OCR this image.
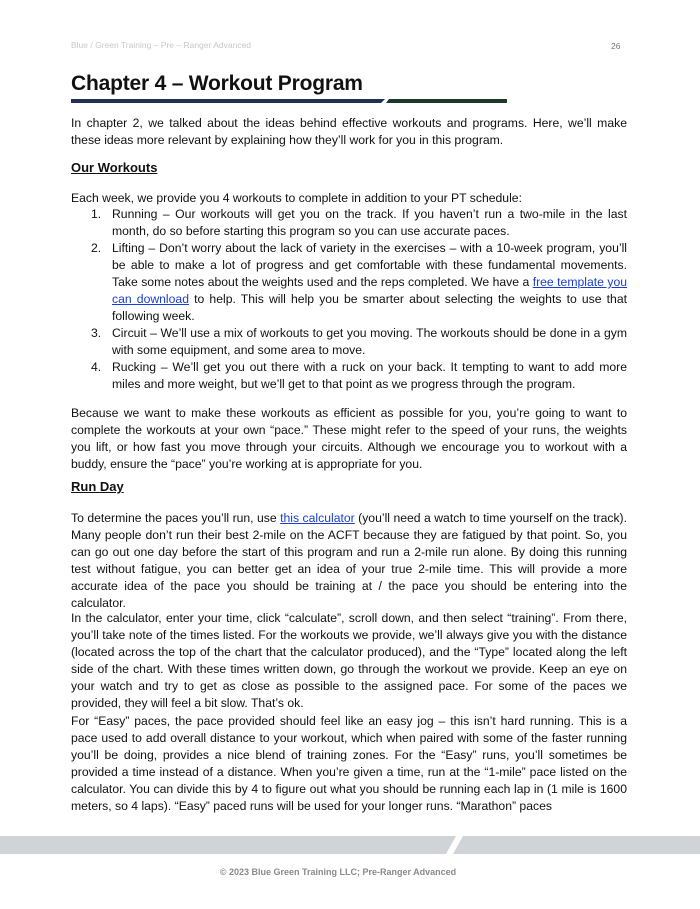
Blue / Green Training – Pre – Ranger Advanced	26
Chapter 4 – Workout Program

In chapter 2, we talked about the ideas behind effective workouts and programs. Here, we’ll make these ideas more relevant by explaining how they’ll work for you in this program.

Our Workouts

Each week, we provide you 4 workouts to complete in addition to your PT schedule:

1. Running – Our workouts will get you on the track. If you haven’t run a two-mile in the last month, do so before starting this program so you can use accurate paces.
2. Lifting – Don’t worry about the lack of variety in the exercises – with a 10-week program, you’ll be able to make a lot of progress and get comfortable with these fundamental movements. Take some notes about the weights used and the reps completed. We have a free template you can download to help. This will help you be smarter about selecting the weights to use that following week.
3. Circuit – We’ll use a mix of workouts to get you moving. The workouts should be done in a gym with some equipment, and some area to move.
4. Rucking – We’ll get you out there with a ruck on your back. It tempting to want to add more miles and more weight, but we’ll get to that point as we progress through the program.

Because we want to make these workouts as efficient as possible for you, you’re going to want to complete the workouts at your own “pace.” These might refer to the speed of your runs, the weights you lift, or how fast you move through your circuits. Although we encourage you to workout with a buddy, ensure the “pace” you’re working at is appropriate for you.

Run Day

To determine the paces you’ll run, use this calculator (you’ll need a watch to time yourself on the track). Many people don’t run their best 2-mile on the ACFT because they are fatigued by that point. So, you can go out one day before the start of this program and run a 2-mile run alone. By doing this running test without fatigue, you can better get an idea of your true 2-mile time. This will provide a more accurate idea of the pace you should be training at / the pace you should be entering into the calculator.

In the calculator, enter your time, click “calculate”, scroll down, and then select “training”. From there, you’ll take note of the times listed. For the workouts we provide, we’ll always give you with the distance (located across the top of the chart that the calculator produced), and the “Type” located along the left side of the chart. With these times written down, go through the workout we provide. Keep an eye on your watch and try to get as close as possible to the assigned pace. For some of the paces we provided, they will feel a bit slow. That’s ok.

For “Easy” paces, the pace provided should feel like an easy jog – this isn’t hard running. This is a pace used to add overall distance to your workout, which when paired with some of the faster running you’ll be doing, provides a nice blend of training zones. For the “Easy” runs, you’ll sometimes be provided a time instead of a distance. When you’re given a time, run at the “1-mile” pace listed on the calculator. You can divide this by 4 to figure out what you should be running each lap in (1 mile is 1600 meters, so 4 laps). “Easy” paced runs will be used for your longer runs. “Marathon” paces

© 2023 Blue Green Training LLC; Pre-Ranger Advanced
